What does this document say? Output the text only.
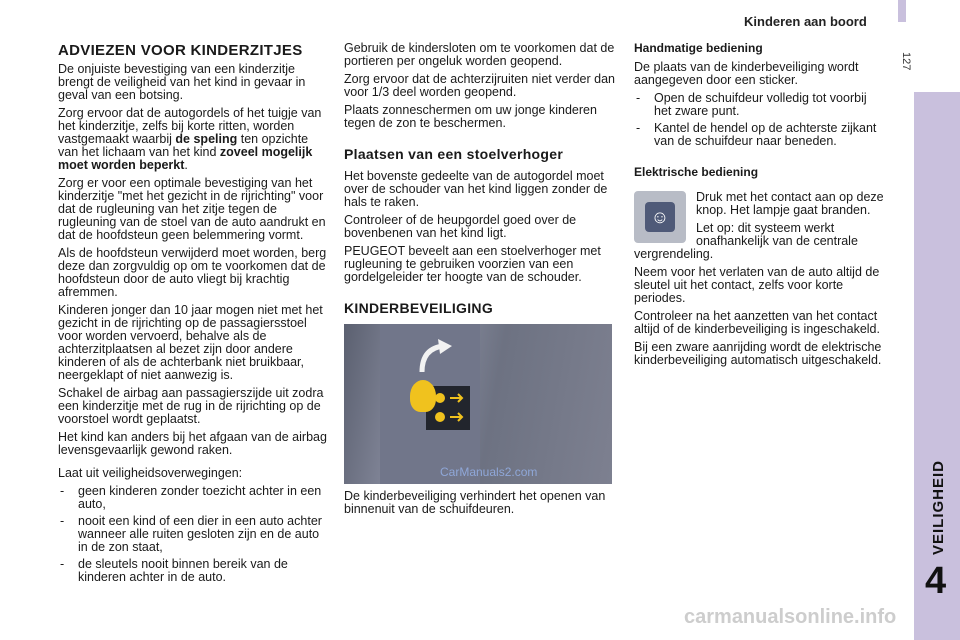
Kinderen aan boord
127
VEILIGHEID
4
ADVIEZEN VOOR KINDERZITJES

De onjuiste bevestiging van een kinderzitje brengt de veiligheid van het kind in gevaar in geval van een botsing.

Zorg ervoor dat de autogordels of het tuigje van het kinderzitje, zelfs bij korte ritten, worden vastgemaakt waarbij de speling ten opzichte van het lichaam van het kind zoveel mogelijk moet worden beperkt.

Zorg er voor een optimale bevestiging van het kinderzitje "met het gezicht in de rijrichting" voor dat de rugleuning van het zitje tegen de rugleuning van de stoel van de auto aandrukt en dat de hoofdsteun geen belemmering vormt.

Als de hoofdsteun verwijderd moet worden, berg deze dan zorgvuldig op om te voorkomen dat de hoofdsteun door de auto vliegt bij krachtig afremmen.

Kinderen jonger dan 10 jaar mogen niet met het gezicht in de rijrichting op de passagiersstoel voor worden vervoerd, behalve als de achterzitplaatsen al bezet zijn door andere kinderen of als de achterbank niet bruikbaar, neergeklapt of niet aanwezig is.

Schakel de airbag aan passagierszijde uit zodra een kinderzitje met de rug in de rijrichting op de voorstoel wordt geplaatst.

Het kind kan anders bij het afgaan van de airbag levensgevaarlijk gewond raken.

Laat uit veiligheidsoverwegingen:

- geen kinderen zonder toezicht achter in een auto,
- nooit een kind of een dier in een auto achter wanneer alle ruiten gesloten zijn en de auto in de zon staat,
- de sleutels nooit binnen bereik van de kinderen achter in de auto.

Gebruik de kindersloten om te voorkomen dat de portieren per ongeluk worden geopend.

Zorg ervoor dat de achterzijruiten niet verder dan voor 1/3 deel worden geopend.

Plaats zonneschermen om uw jonge kinderen tegen de zon te beschermen.

Plaatsen van een stoelverhoger

Het bovenste gedeelte van de autogordel moet over de schouder van het kind liggen zonder de hals te raken.

Controleer of de heupgordel goed over de bovenbenen van het kind ligt.

PEUGEOT beveelt aan een stoelverhoger met rugleuning te gebruiken voorzien van een gordelgeleider ter hoogte van de schouder.

KINDERBEVEILIGING
CarManuals2.com

De kinderbeveiliging verhindert het openen van binnenuit van de schuifdeuren.

Handmatige bediening

De plaats van de kinderbeveiliging wordt aangegeven door een sticker.

- Open de schuifdeur volledig tot voorbij het zware punt.
- Kantel de hendel op de achterste zijkant van de schuifdeur naar beneden.
Elektrische bediening
☺

Druk met het contact aan op deze knop. Het lampje gaat branden.

Let op: dit systeem werkt onafhankelijk van de centrale vergrendeling.

Neem voor het verlaten van de auto altijd de sleutel uit het contact, zelfs voor korte periodes.

Controleer na het aanzetten van het contact altijd of de kinderbeveiliging is ingeschakeld.

Bij een zware aanrijding wordt de elektrische kinderbeveiliging automatisch uitgeschakeld.

carmanualsonline.info
